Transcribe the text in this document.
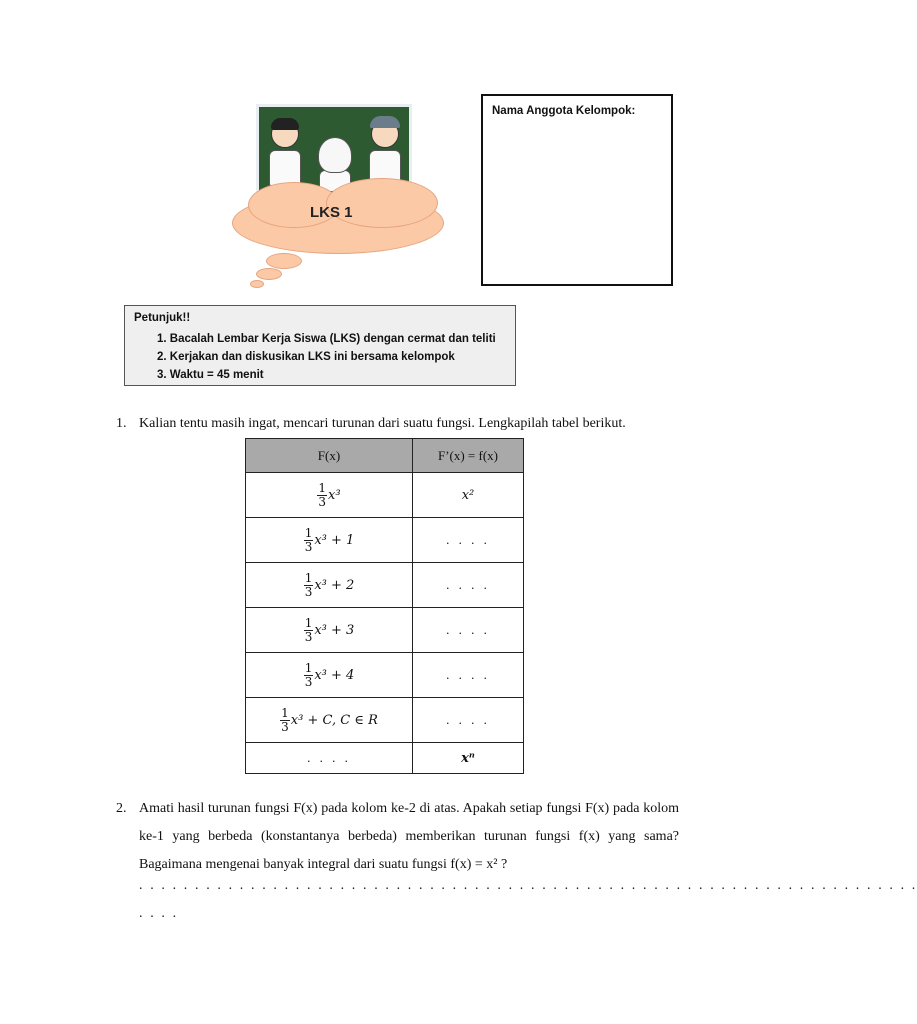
LKS 1
Nama Anggota Kelompok:
Petunjuk!!
1. Bacalah Lembar Kerja Siswa (LKS) dengan cermat dan teliti
2. Kerjakan dan diskusikan LKS ini bersama kelompok
3. Waktu = 45 menit
1. Kalian tentu masih ingat, mencari turunan dari suatu fungsi. Lengkapilah tabel berikut.
F(x)	F’(x) = f(x)

$\frac{1}{3} x^3$	x²

$\frac{1}{3} x^3 + 1$	. . . .

$\frac{1}{3} x^3 + 2$	. . . .

$\frac{1}{3} x^3 + 3$	. . . .

$\frac{1}{3} x^3 + 4$	. . . .

$\frac{1}{3} x^3 + C$, C ∈ R	. . . .
. . . .	xⁿ
2. Amati hasil turunan fungsi F(x) pada kolom ke-2 di atas. Apakah setiap fungsi F(x) pada kolom ke-1 yang berbeda (konstantanya berbeda) memberikan turunan fungsi f(x) yang sama? Bagaimana mengenai banyak integral dari suatu fungsi f(x) = x² ?
. . . . . . . . . . . . . . . . . . . . . . . . . . . . . . . . . . . . . . . . . . . . . . . . . . . . . . . . . . . . . . . . . . . . . .
. . . .
